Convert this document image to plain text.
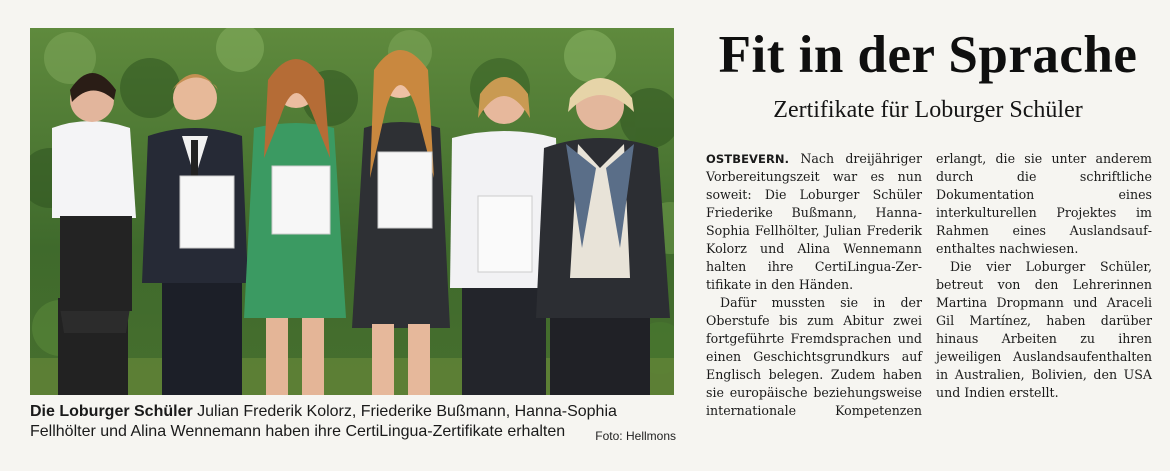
Die Loburger Schüler Julian Frederik Kolorz, Friederike Bußmann, Hanna-Sophia Fellhölter und Alina Wennemann haben ihre CertiLingua-Zertifikate erhalten	Foto: Hellmons
Fit in der Sprache
Zertifikate für Loburger Schüler

OSTBEVERN. Nach dreijähriger Vorbereitungszeit war es nun soweit: Die Loburger Schüler Friederike Bußmann, Hanna-Sophia Fellhölter, Julian Frederik Kolorz und Alina Wennemann halten ihre CertiLingua-Zertifikate in den Händen.

Dafür mussten sie in der Oberstufe bis zum Abitur zwei fortgeführte Fremdsprachen und einen Geschichtsgrundkurs auf Englisch belegen. Zudem haben sie europäische beziehungsweise internationale Kompetenzen erlangt, die sie unter anderem durch die schriftliche Dokumentation eines interkulturellen Projektes im Rahmen eines Auslandsaufenthaltes nachwiesen.

Die vier Loburger Schüler, betreut von den Lehrerinnen Martina Dropmann und Araceli Gil Martínez, haben darüber hinaus Arbeiten zu ihren jeweiligen Auslandsaufenthalten in Australien, Bolivien, den USA und Indien erstellt.
